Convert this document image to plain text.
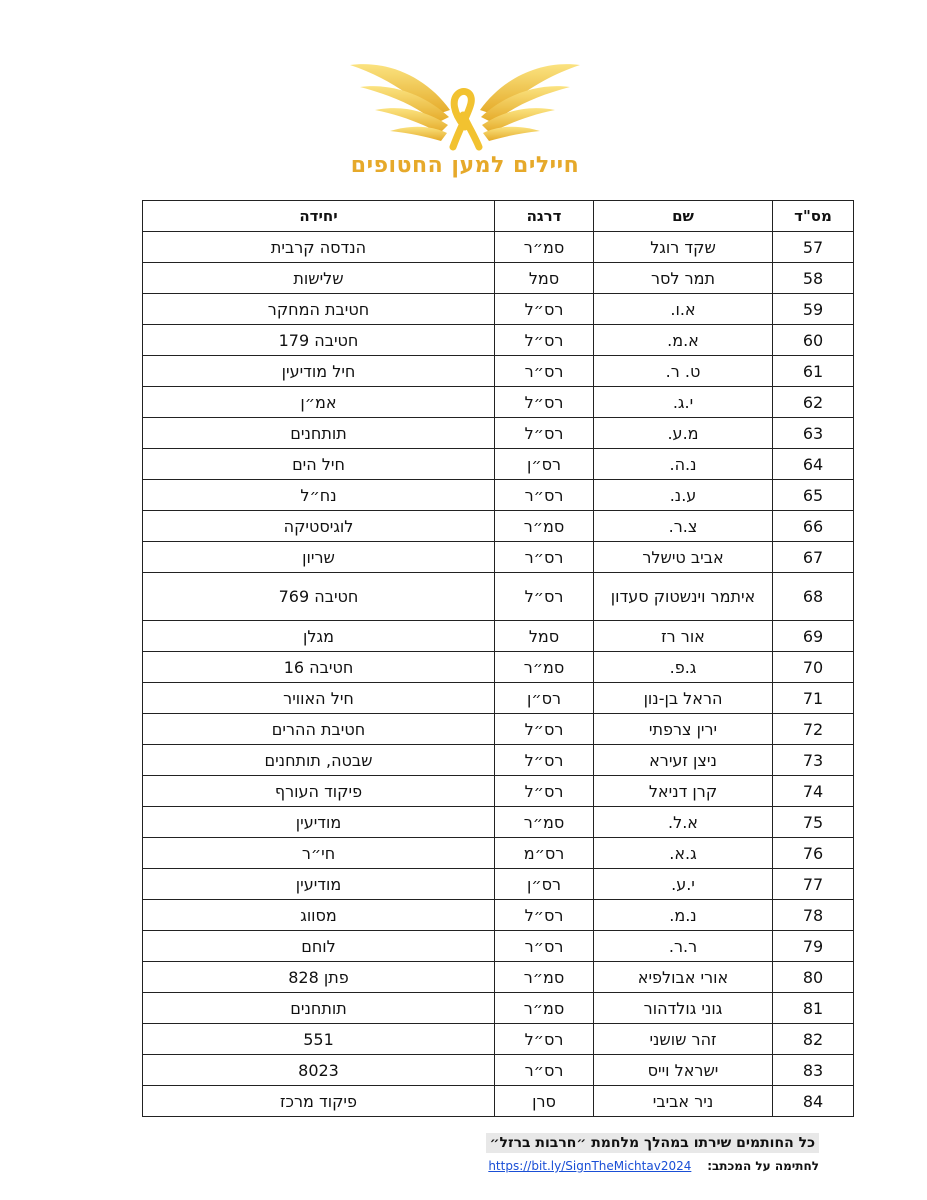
חיילים למען החטופים
מס"ד	שם	דרגה	יחידה
57	שקד רוגל	סמ״ר	הנדסה קרבית
58	תמר לסר	סמל	שלישות
59	א.ו.	רס״ל	חטיבת המחקר
60	א.מ.	רס״ל	חטיבה 179
61	ט. ר.	רס״ר	חיל מודיעין
62	י.ג.	רס״ל	אמ״ן
63	מ.ע.	רס״ל	תותחנים
64	נ.ה.	רס״ן	חיל הים
65	ע.נ.	רס״ר	נח״ל
66	צ.ר.	סמ״ר	לוגיסטיקה
67	אביב טישלר	רס״ר	שריון
68	איתמר וינשטוק סעדון	רס״ל	חטיבה 769
69	אור רז	סמל	מגלן
70	ג.פ.	סמ״ר	חטיבה 16
71	הראל בן-נון	רס״ן	חיל האוויר
72	ירין צרפתי	רס״ל	חטיבת ההרים
73	ניצן זעירא	רס״ל	שבטה, תותחנים
74	קרן דניאל	רס״ל	פיקוד העורף
75	א.ל.	סמ״ר	מודיעין
76	ג.א.	רס״מ	חי״ר
77	י.ע.	רס״ן	מודיעין
78	נ.מ.	רס״ל	מסווג
79	ר.ר.	רס״ר	לוחם
80	אורי אבולפיא	סמ״ר	פתן 828
81	גוני גולדהור	סמ״ר	תותחנים
82	זהר שושני	רס״ל	551
83	ישראל וייס	רס״ר	8023
84	ניר אביבי	סרן	פיקוד מרכז
כל החותמים שירתו במהלך מלחמת ״חרבות ברזל״
לחתימה על המכתב: https://bit.ly/SignTheMichtav2024
